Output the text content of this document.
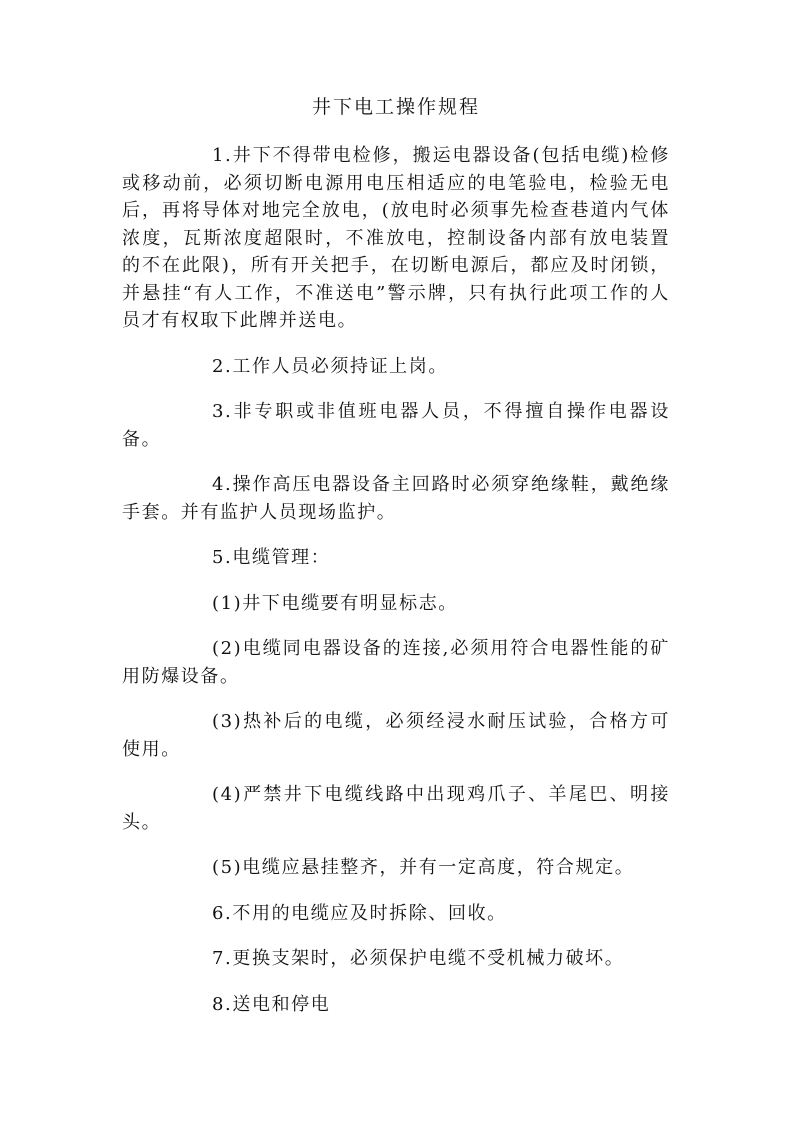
井下电工操作规程

1.井下不得带电检修，搬运电器设备(包括电缆)检修或移动前，必须切断电源用电压相适应的电笔验电，检验无电后，再将导体对地完全放电，(放电时必须事先检查巷道内气体浓度，瓦斯浓度超限时，不准放电，控制设备内部有放电装置的不在此限)，所有开关把手，在切断电源后，都应及时闭锁，并悬挂“有人工作，不准送电”警示牌，只有执行此项工作的人员才有权取下此牌并送电。

2.工作人员必须持证上岗。

3.非专职或非值班电器人员，不得擅自操作电器设备。

4.操作高压电器设备主回路时必须穿绝缘鞋，戴绝缘手套。并有监护人员现场监护。

5.电缆管理：

(1)井下电缆要有明显标志。

(2)电缆同电器设备的连接,必须用符合电器性能的矿用防爆设备。

(3)热补后的电缆，必须经浸水耐压试验，合格方可使用。

(4)严禁井下电缆线路中出现鸡爪子、羊尾巴、明接头。

(5)电缆应悬挂整齐，并有一定高度，符合规定。

6.不用的电缆应及时拆除、回收。

7.更换支架时，必须保护电缆不受机械力破坏。

8.送电和停电
